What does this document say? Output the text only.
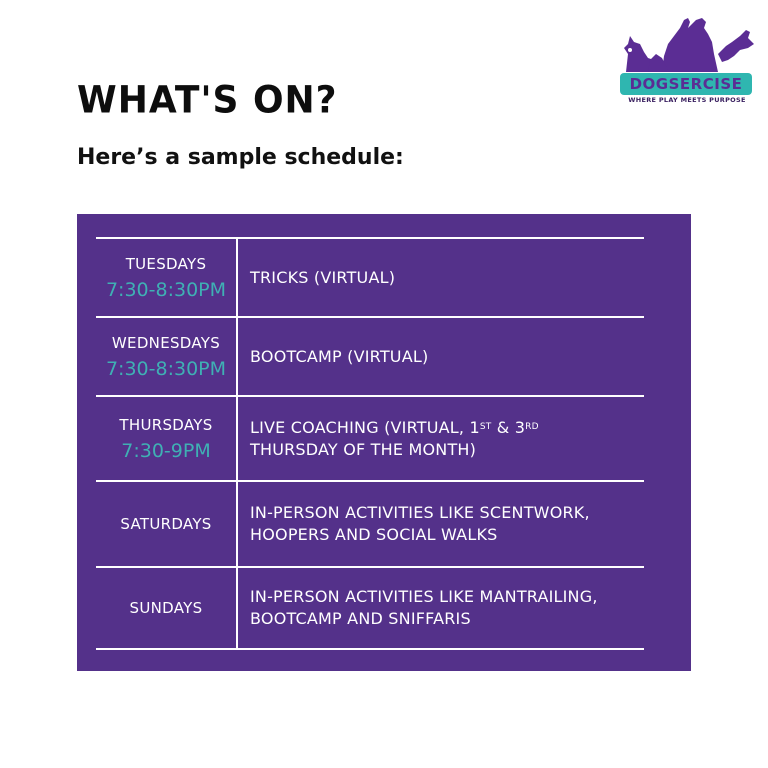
DOGSERCISE
WHERE PLAY MEETS PURPOSE
WHAT'S ON?
Here’s a sample schedule:
TUESDAYS
7:30-8:30PM
TRICKS (VIRTUAL)
WEDNESDAYS
7:30-8:30PM
BOOTCAMP (VIRTUAL)
THURSDAYS
7:30-9PM
LIVE COACHING (VIRTUAL, 1ST & 3RD
THURSDAY OF THE MONTH)
SATURDAYS
IN-PERSON ACTIVITIES LIKE SCENTWORK, HOOPERS AND SOCIAL WALKS
SUNDAYS
IN-PERSON ACTIVITIES LIKE MANTRAILING, BOOTCAMP AND SNIFFARIS
